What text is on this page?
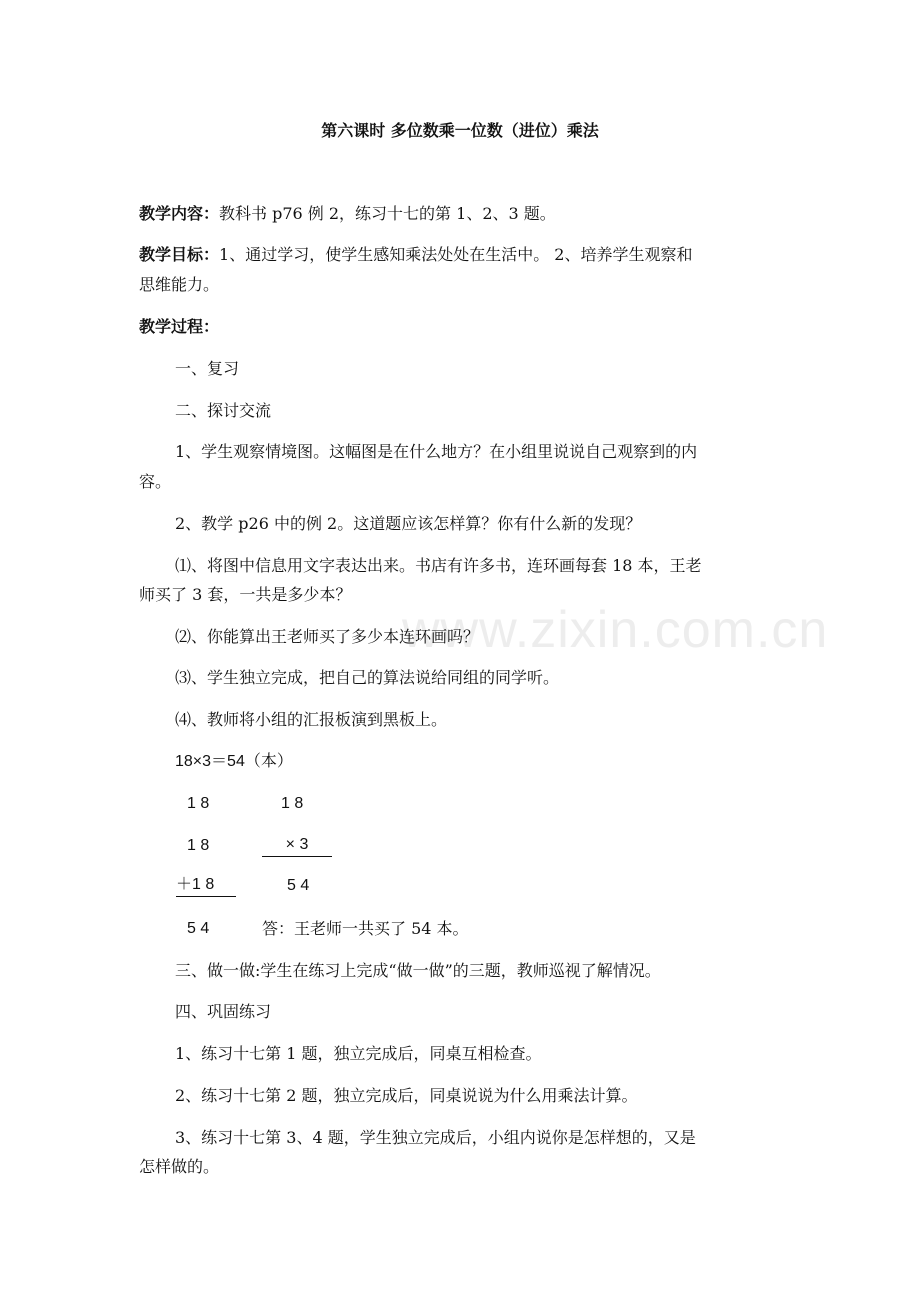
www.zixin.com.cn
第六课时 多位数乘一位数（进位）乘法
教学内容：教科书 p76 例 2，练习十七的第 1、2、3 题。
教学目标：1、通过学习，使学生感知乘法处处在生活中。 2、培养学生观察和
思维能力。
教学过程：
一、复习
二、探讨交流
1、学生观察情境图。这幅图是在什么地方？在小组里说说自己观察到的内
容。
2、教学 p26 中的例 2。这道题应该怎样算？你有什么新的发现？
⑴、将图中信息用文字表达出来。书店有许多书，连环画每套 18 本，王老
师买了 3 套，一共是多少本？
⑵、你能算出王老师买了多少本连环画吗？
⑶、学生独立完成，把自己的算法说给同组的同学听。
⑷、教师将小组的汇报板演到黑板上。
18×3＝54（本）
1 8	1 8
1 8	× 3
＋1 8	5 4
5 4	答：王老师一共买了 54 本。
三、做一做:学生在练习上完成“做一做”的三题，教师巡视了解情况。
四、巩固练习
1、练习十七第 1 题，独立完成后，同桌互相检查。
2、练习十七第 2 题，独立完成后，同桌说说为什么用乘法计算。
3、练习十七第 3、4 题，学生独立完成后，小组内说你是怎样想的，又是
怎样做的。
